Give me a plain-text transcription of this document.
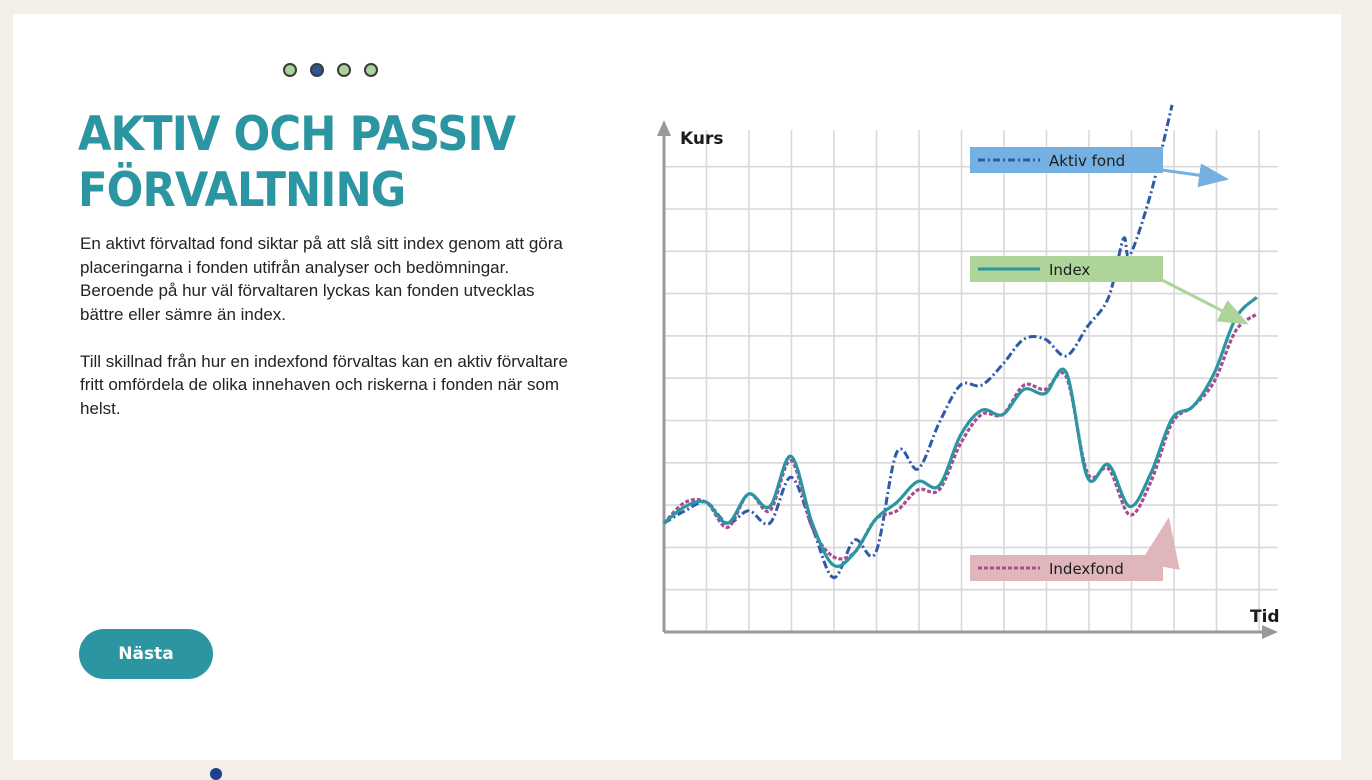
AKTIV OCH PASSIV
FÖRVALTNING

En aktivt förvaltad fond siktar på att slå sitt index genom att göra placeringarna i fonden utifrån analyser och bedömningar. Beroende på hur väl förvaltaren lyckas kan fonden utvecklas bättre eller sämre än index.

Till skillnad från hur en indexfond förvaltas kan en aktiv förvaltare fritt omfördela de olika innehaven och riskerna i fonden när som helst.

Nästa
Kurs
Tid
Aktiv fond
Index
Indexfond
